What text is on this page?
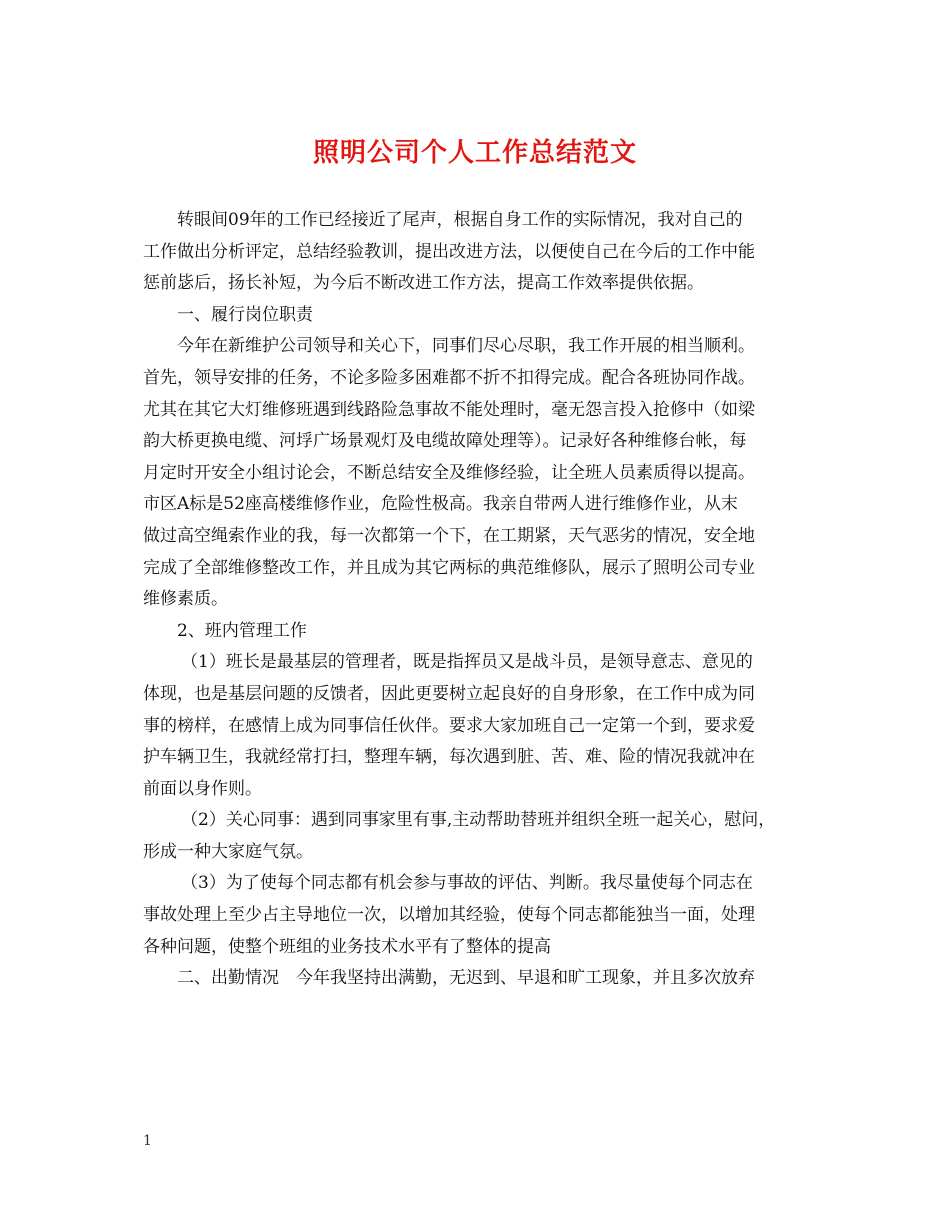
照明公司个人工作总结范文
转眼间09年的工作已经接近了尾声，根据自身工作的实际情况，我对自己的
工作做出分析评定，总结经验教训，提出改进方法，以便使自己在今后的工作中能
惩前毖后，扬长补短，为今后不断改进工作方法，提高工作效率提供依据。
一、履行岗位职责
今年在新维护公司领导和关心下，同事们尽心尽职，我工作开展的相当顺利。
首先，领导安排的任务，不论多险多困难都不折不扣得完成。配合各班协同作战。
尤其在其它大灯维修班遇到线路险急事故不能处理时，毫无怨言投入抢修中（如梁
韵大桥更换电缆、河垺广场景观灯及电缆故障处理等）。记录好各种维修台帐，每
月定时开安全小组讨论会，不断总结安全及维修经验，让全班人员素质得以提高。
市区A标是52座高楼维修作业，危险性极高。我亲自带两人进行维修作业，从末
做过高空绳索作业的我，每一次都第一个下，在工期紧，天气恶劣的情况，安全地
完成了全部维修整改工作，并且成为其它两标的典范维修队，展示了照明公司专业
维修素质。
2、班内管理工作
（1）班长是最基层的管理者，既是指挥员又是战斗员，是领导意志、意见的
体现，也是基层问题的反馈者，因此更要树立起良好的自身形象，在工作中成为同
事的榜样，在感情上成为同事信任伙伴。要求大家加班自己一定第一个到，要求爱
护车辆卫生，我就经常打扫，整理车辆，每次遇到脏、苦、难、险的情况我就冲在
前面以身作则。
（2）关心同事：遇到同事家里有事,主动帮助替班并组织全班一起关心，慰问，
形成一种大家庭气氛。
（3）为了使每个同志都有机会参与事故的评估、判断。我尽量使每个同志在
事故处理上至少占主导地位一次，以增加其经验，使每个同志都能独当一面，处理
各种问题，使整个班组的业务技术水平有了整体的提高
二、出勤情况　今年我坚持出满勤，无迟到、早退和旷工现象，并且多次放弃
1
